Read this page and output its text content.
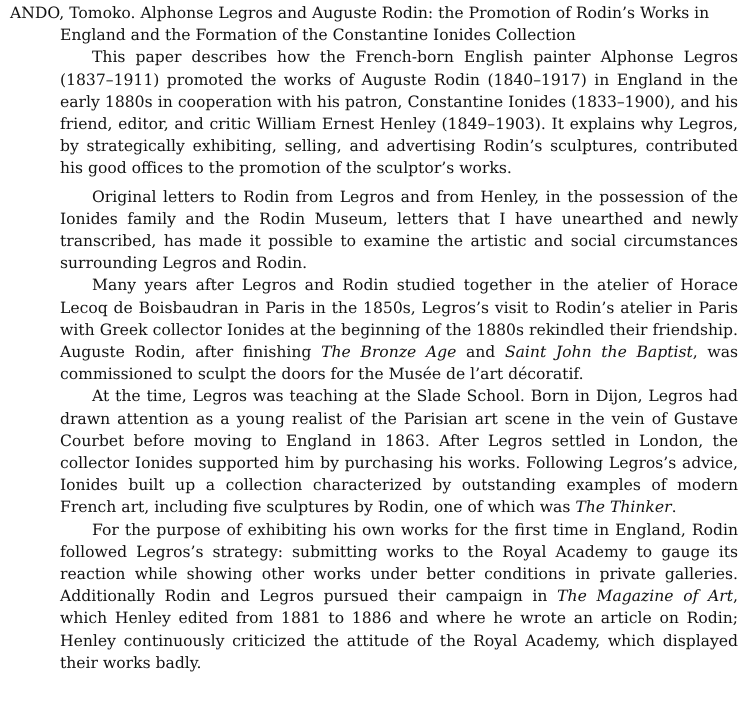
ANDO, Tomoko. Alphonse Legros and Auguste Rodin: the Promotion of Rodin’s Works in England and the Formation of the Constantine Ionides Collection

This paper describes how the French-born English painter Alphonse Legros (1837–1911) promoted the works of Auguste Rodin (1840–1917) in England in the early 1880s in cooperation with his patron, Constantine Ionides (1833–1900), and his friend, editor, and critic William Ernest Henley (1849–1903). It explains why Legros, by strategically exhibiting, selling, and advertising Rodin’s sculptures, contributed his good offices to the promotion of the sculptor’s works.

Original letters to Rodin from Legros and from Henley, in the possession of the Ionides family and the Rodin Museum, letters that I have unearthed and newly transcribed, has made it possible to examine the artistic and social circumstances surrounding Legros and Rodin.

Many years after Legros and Rodin studied together in the atelier of Horace Lecoq de Boisbaudran in Paris in the 1850s, Legros’s visit to Rodin’s atelier in Paris with Greek collector Ionides at the beginning of the 1880s rekindled their friendship. Auguste Rodin, after finishing The Bronze Age and Saint John the Baptist, was commissioned to sculpt the doors for the Musée de l’art décoratif.

At the time, Legros was teaching at the Slade School. Born in Dijon, Legros had drawn attention as a young realist of the Parisian art scene in the vein of Gustave Courbet before moving to England in 1863. After Legros settled in London, the collector Ionides supported him by purchasing his works. Following Legros’s advice, Ionides built up a collection characterized by outstanding examples of modern French art, including five sculptures by Rodin, one of which was The Thinker.

For the purpose of exhibiting his own works for the first time in England, Rodin followed Legros’s strategy: submitting works to the Royal Academy to gauge its reaction while showing other works under better conditions in private galleries. Additionally Rodin and Legros pursued their campaign in The Magazine of Art, which Henley edited from 1881 to 1886 and where he wrote an article on Rodin; Henley continuously criticized the attitude of the Royal Academy, which displayed their works badly.
